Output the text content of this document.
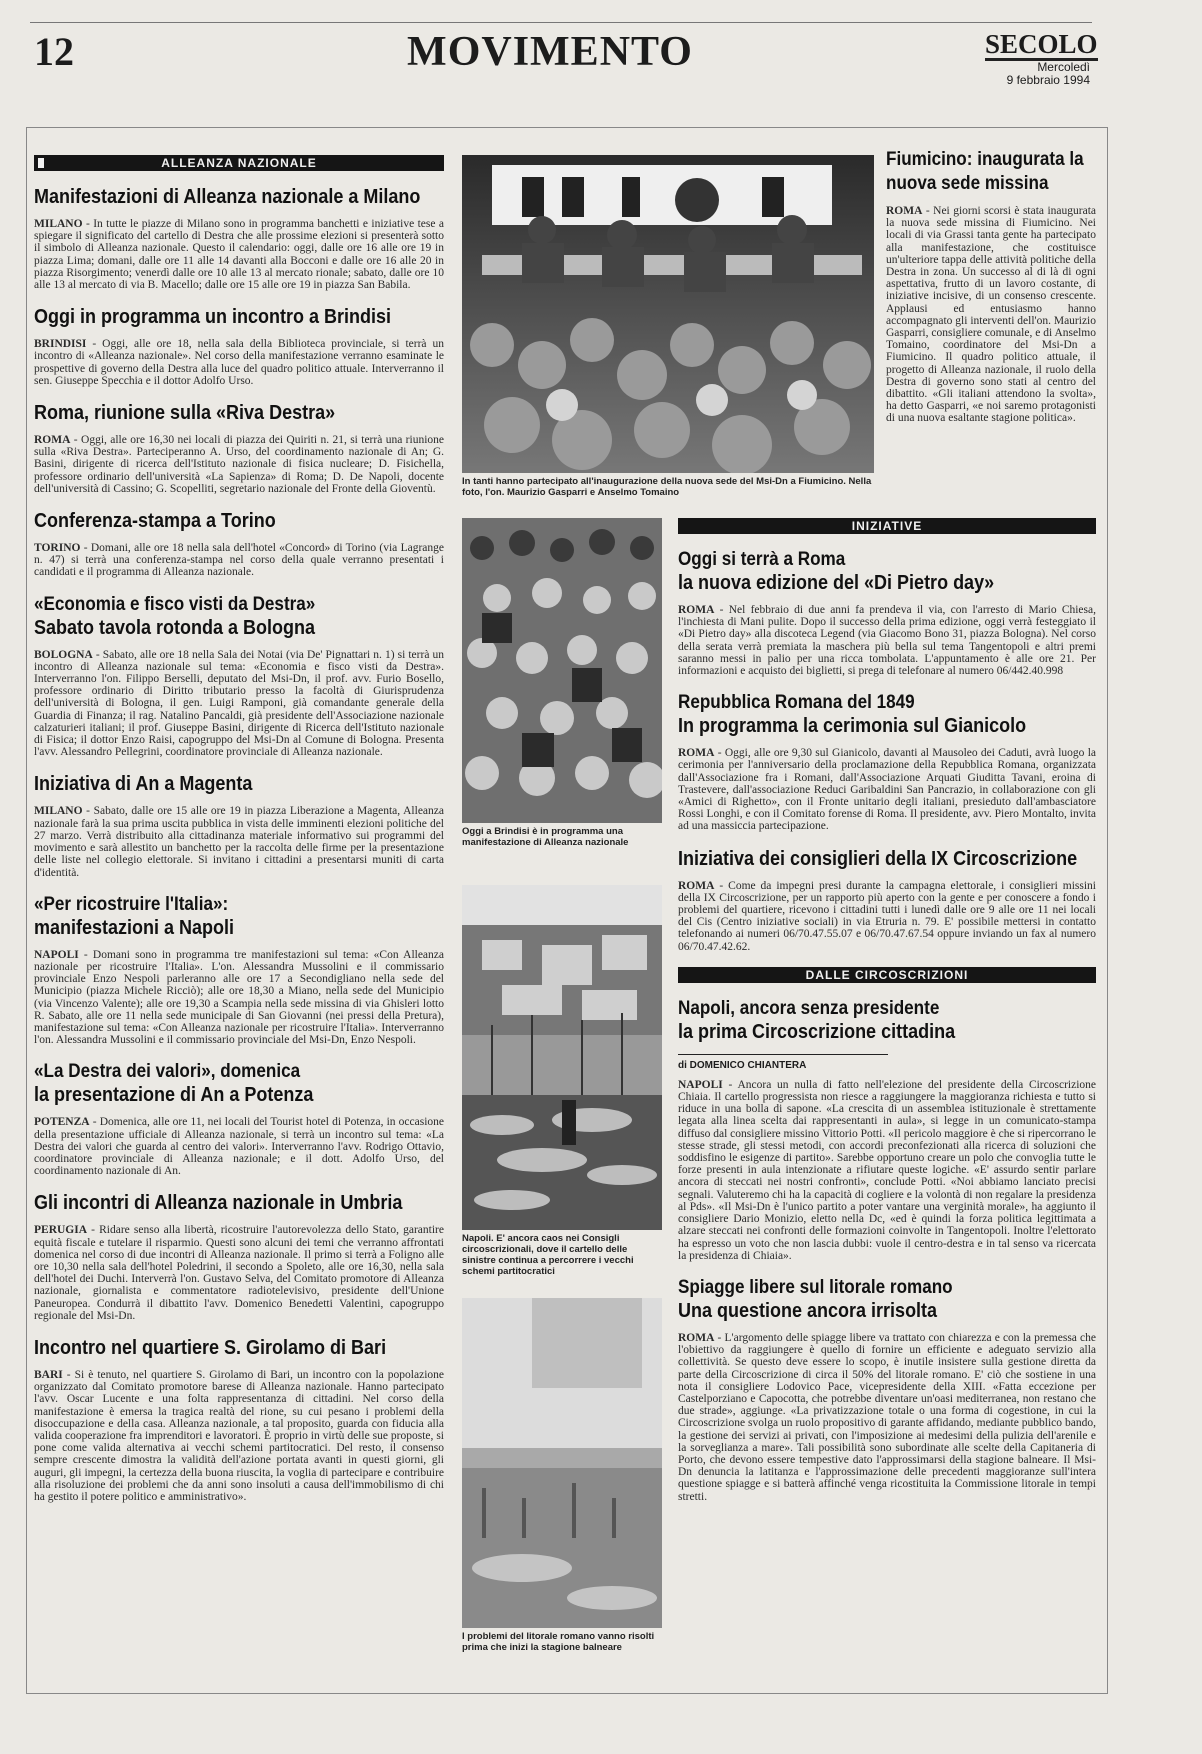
12	MOVIMENTO	SECOLO
Mercoledì
9 febbraio 1994
ALLEANZA NAZIONALE
Manifestazioni di Alleanza nazionale a Milano

MILANO - In tutte le piazze di Milano sono in programma banchetti e iniziative tese a spiegare il significato del cartello di Destra che alle prossime elezioni si presenterà sotto il simbolo di Alleanza nazionale. Questo il calendario: oggi, dalle ore 16 alle ore 19 in piazza Lima; domani, dalle ore 11 alle 14 davanti alla Bocconi e dalle ore 16 alle 20 in piazza Risorgimento; venerdì dalle ore 10 alle 13 al mercato rionale; sabato, dalle ore 10 alle 13 al mercato di via B. Macello; dalle ore 15 alle ore 19 in piazza San Babila.

Oggi in programma un incontro a Brindisi

BRINDISI - Oggi, alle ore 18, nella sala della Biblioteca provinciale, si terrà un incontro di «Alleanza nazionale». Nel corso della manifestazione verranno esaminate le prospettive di governo della Destra alla luce del quadro politico attuale. Interverranno il sen. Giuseppe Specchia e il dottor Adolfo Urso.

Roma, riunione sulla «Riva Destra»

ROMA - Oggi, alle ore 16,30 nei locali di piazza dei Quiriti n. 21, si terrà una riunione sulla «Riva Destra». Parteciperanno A. Urso, del coordinamento nazionale di An; G. Basini, dirigente di ricerca dell'Istituto nazionale di fisica nucleare; D. Fisichella, professore ordinario dell'università «La Sapienza» di Roma; D. De Napoli, docente dell'università di Cassino; G. Scopelliti, segretario nazionale del Fronte della Gioventù.

Conferenza-stampa a Torino

TORINO - Domani, alle ore 18 nella sala dell'hotel «Concord» di Torino (via Lagrange n. 47) si terrà una conferenza-stampa nel corso della quale verranno presentati i candidati e il programma di Alleanza nazionale.

«Economia e fisco visti da Destra»
Sabato tavola rotonda a Bologna

BOLOGNA - Sabato, alle ore 18 nella Sala dei Notai (via De' Pignattari n. 1) si terrà un incontro di Alleanza nazionale sul tema: «Economia e fisco visti da Destra». Interverranno l'on. Filippo Berselli, deputato del Msi-Dn, il prof. avv. Furio Bosello, professore ordinario di Diritto tributario presso la facoltà di Giurisprudenza dell'università di Bologna, il gen. Luigi Ramponi, già comandante generale della Guardia di Finanza; il rag. Natalino Pancaldi, già presidente dell'Associazione nazionale calzaturieri italiani; il prof. Giuseppe Basini, dirigente di Ricerca dell'Istituto nazionale di Fisica; il dottor Enzo Raisi, capogruppo del Msi-Dn al Comune di Bologna. Presenta l'avv. Alessandro Pellegrini, coordinatore provinciale di Alleanza nazionale.

Iniziativa di An a Magenta

MILANO - Sabato, dalle ore 15 alle ore 19 in piazza Liberazione a Magenta, Alleanza nazionale farà la sua prima uscita pubblica in vista delle imminenti elezioni politiche del 27 marzo. Verrà distribuito alla cittadinanza materiale informativo sui programmi del movimento e sarà allestito un banchetto per la raccolta delle firme per la presentazione delle liste nel collegio elettorale. Si invitano i cittadini a presentarsi muniti di carta d'identità.

«Per ricostruire l'Italia»:
manifestazioni a Napoli

NAPOLI - Domani sono in programma tre manifestazioni sul tema: «Con Alleanza nazionale per ricostruire l'Italia». L'on. Alessandra Mussolini e il commissario provinciale Enzo Nespoli parleranno alle ore 17 a Secondigliano nella sede del Municipio (piazza Michele Ricciò); alle ore 18,30 a Miano, nella sede del Municipio (via Vincenzo Valente); alle ore 19,30 a Scampia nella sede missina di via Ghisleri lotto R. Sabato, alle ore 11 nella sede municipale di San Giovanni (nei pressi della Pretura), manifestazione sul tema: «Con Alleanza nazionale per ricostruire l'Italia». Interverranno l'on. Alessandra Mussolini e il commissario provinciale del Msi-Dn, Enzo Nespoli.

«La Destra dei valori», domenica
la presentazione di An a Potenza

POTENZA - Domenica, alle ore 11, nei locali del Tourist hotel di Potenza, in occasione della presentazione ufficiale di Alleanza nazionale, si terrà un incontro sul tema: «La Destra dei valori che guarda al centro dei valori». Interverranno l'avv. Rodrigo Ottavio, coordinatore provinciale di Alleanza nazionale; e il dott. Adolfo Urso, del coordinamento nazionale di An.

Gli incontri di Alleanza nazionale in Umbria

PERUGIA - Ridare senso alla libertà, ricostruire l'autorevolezza dello Stato, garantire equità fiscale e tutelare il risparmio. Questi sono alcuni dei temi che verranno affrontati domenica nel corso di due incontri di Alleanza nazionale. Il primo si terrà a Foligno alle ore 10,30 nella sala dell'hotel Poledrini, il secondo a Spoleto, alle ore 16,30, nella sala dell'hotel dei Duchi. Interverrà l'on. Gustavo Selva, del Comitato promotore di Alleanza nazionale, giornalista e commentatore radiotelevisivo, presidente dell'Unione Paneuropea. Condurrà il dibattito l'avv. Domenico Benedetti Valentini, capogruppo regionale del Msi-Dn.

Incontro nel quartiere S. Girolamo di Bari

BARI - Si è tenuto, nel quartiere S. Girolamo di Bari, un incontro con la popolazione organizzato dal Comitato promotore barese di Alleanza nazionale. Hanno partecipato l'avv. Oscar Lucente e una folta rappresentanza di cittadini. Nel corso della manifestazione è emersa la tragica realtà del rione, su cui pesano i problemi della disoccupazione e della casa. Alleanza nazionale, a tal proposito, guarda con fiducia alla valida cooperazione fra imprenditori e lavoratori. È proprio in virtù delle sue proposte, si pone come valida alternativa ai vecchi schemi partitocratici. Del resto, il consenso sempre crescente dimostra la validità dell'azione portata avanti in questi giorni, gli auguri, gli impegni, la certezza della buona riuscita, la voglia di partecipare e contribuire alla risoluzione dei problemi che da anni sono insoluti a causa dell'immobilismo di chi ha gestito il potere politico e amministrativo».

In tanti hanno partecipato all'inaugurazione della nuova sede del Msi-Dn a Fiumicino. Nella foto, l'on. Maurizio Gasparri e Anselmo Tomaino
Oggi a Brindisi è in programma una manifestazione di Alleanza nazionale
Napoli. E' ancora caos nei Consigli circoscrizionali, dove il cartello delle sinistre continua a percorrere i vecchi schemi partitocratici
I problemi del litorale romano vanno risolti prima che inizi la stagione balneare
Fiumicino: inaugurata la nuova sede missina

ROMA - Nei giorni scorsi è stata inaugurata la nuova sede missina di Fiumicino. Nei locali di via Grassi tanta gente ha partecipato alla manifestazione, che costituisce un'ulteriore tappa delle attività politiche della Destra in zona. Un successo al di là di ogni aspettativa, frutto di un lavoro costante, di iniziative incisive, di un consenso crescente. Applausi ed entusiasmo hanno accompagnato gli interventi dell'on. Maurizio Gasparri, consigliere comunale, e di Anselmo Tomaino, coordinatore del Msi-Dn a Fiumicino. Il quadro politico attuale, il progetto di Alleanza nazionale, il ruolo della Destra di governo sono stati al centro del dibattito. «Gli italiani attendono la svolta», ha detto Gasparri, «e noi saremo protagonisti di una nuova esaltante stagione politica».

INIZIATIVE
Oggi si terrà a Roma
la nuova edizione del «Di Pietro day»

ROMA - Nel febbraio di due anni fa prendeva il via, con l'arresto di Mario Chiesa, l'inchiesta di Mani pulite. Dopo il successo della prima edizione, oggi verrà festeggiato il «Di Pietro day» alla discoteca Legend (via Giacomo Bono 31, piazza Bologna). Nel corso della serata verrà premiata la maschera più bella sul tema Tangentopoli e altri premi saranno messi in palio per una ricca tombolata. L'appuntamento è alle ore 21. Per informazioni e acquisto dei biglietti, si prega di telefonare al numero 06/442.40.998

Repubblica Romana del 1849
In programma la cerimonia sul Gianicolo

ROMA - Oggi, alle ore 9,30 sul Gianicolo, davanti al Mausoleo dei Caduti, avrà luogo la cerimonia per l'anniversario della proclamazione della Repubblica Romana, organizzata dall'Associazione fra i Romani, dall'Associazione Arquati Giuditta Tavani, eroina di Trastevere, dall'associazione Reduci Garibaldini San Pancrazio, in collaborazione con gli «Amici di Righetto», con il Fronte unitario degli italiani, presieduto dall'ambasciatore Rossi Longhi, e con il Comitato forense di Roma. Il presidente, avv. Piero Montalto, invita ad una massiccia partecipazione.

Iniziativa dei consiglieri della IX Circoscrizione

ROMA - Come da impegni presi durante la campagna elettorale, i consiglieri missini della IX Circoscrizione, per un rapporto più aperto con la gente e per conoscere a fondo i problemi del quartiere, ricevono i cittadini tutti i lunedì dalle ore 9 alle ore 11 nei locali del Cis (Centro iniziative sociali) in via Etruria n. 79. E' possibile mettersi in contatto telefonando ai numeri 06/70.47.55.07 e 06/70.47.67.54 oppure inviando un fax al numero 06/70.47.42.62.

DALLE CIRCOSCRIZIONI
Napoli, ancora senza presidente
la prima Circoscrizione cittadina
di DOMENICO CHIANTERA

NAPOLI - Ancora un nulla di fatto nell'elezione del presidente della Circoscrizione Chiaia. Il cartello progressista non riesce a raggiungere la maggioranza richiesta e tutto si riduce in una bolla di sapone. «La crescita di un assemblea istituzionale è strettamente legata alla linea scelta dai rappresentanti in aula», si legge in un comunicato-stampa diffuso dal consigliere missino Vittorio Potti. «Il pericolo maggiore è che si ripercorrano le stesse strade, gli stessi metodi, con accordi preconfezionati alla ricerca di soluzioni che soddisfino le esigenze di partito». Sarebbe opportuno creare un polo che convoglia tutte le forze presenti in aula intenzionate a rifiutare queste logiche. «E' assurdo sentir parlare ancora di steccati nei nostri confronti», conclude Potti. «Noi abbiamo lanciato precisi segnali. Valuteremo chi ha la capacità di cogliere e la volontà di non regalare la presidenza al Pds». «Il Msi-Dn è l'unico partito a poter vantare una verginità morale», ha aggiunto il consigliere Dario Monizio, eletto nella Dc, «ed è quindi la forza politica legittimata a alzare steccati nei confronti delle formazioni coinvolte in Tangentopoli. Inoltre l'elettorato ha espresso un voto che non lascia dubbi: vuole il centro-destra e in tal senso va ricercata la presidenza di Chiaia».

Spiagge libere sul litorale romano
Una questione ancora irrisolta

ROMA - L'argomento delle spiagge libere va trattato con chiarezza e con la premessa che l'obiettivo da raggiungere è quello di fornire un efficiente e adeguato servizio alla collettività. Se questo deve essere lo scopo, è inutile insistere sulla gestione diretta da parte della Circoscrizione di circa il 50% del litorale romano. E' ciò che sostiene in una nota il consigliere Lodovico Pace, vicepresidente della XIII. «Fatta eccezione per Castelporziano e Capocotta, che potrebbe diventare un'oasi mediterranea, non restano che due strade», aggiunge. «La privatizzazione totale o una forma di cogestione, in cui la Circoscrizione svolga un ruolo propositivo di garante affidando, mediante pubblico bando, la gestione dei servizi ai privati, con l'imposizione ai medesimi della pulizia dell'arenile e la sorveglianza a mare». Tali possibilità sono subordinate alle scelte della Capitaneria di Porto, che devono essere tempestive dato l'approssimarsi della stagione balneare. Il Msi-Dn denuncia la latitanza e l'approssimazione delle precedenti maggioranze sull'intera questione spiagge e si batterà affinché venga ricostituita la Commissione litorale in tempi stretti.
